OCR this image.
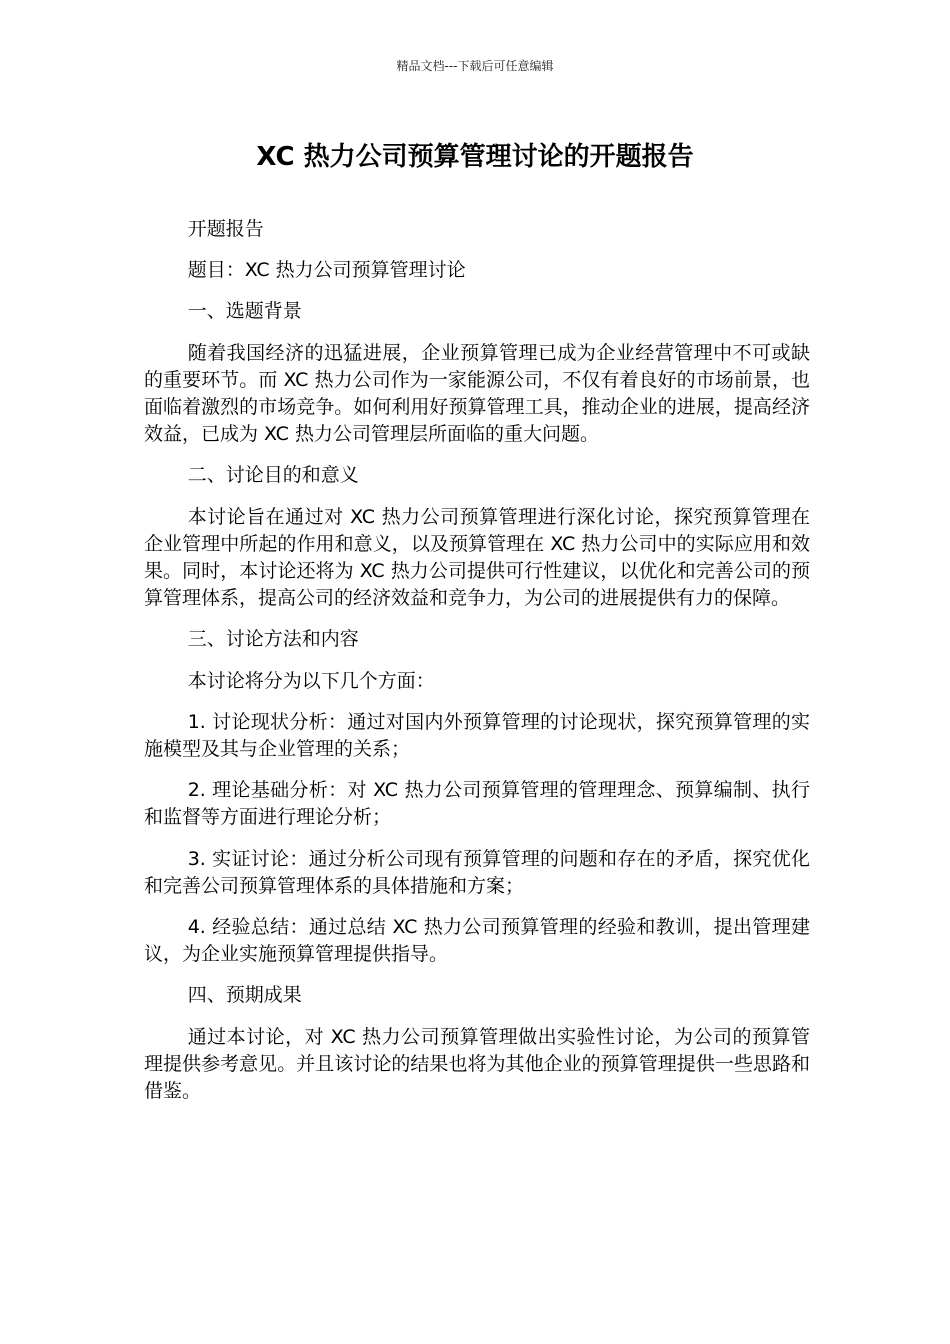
精品文档---下载后可任意编辑
XC 热力公司预算管理讨论的开题报告

开题报告

题目：XC 热力公司预算管理讨论

一、选题背景

随着我国经济的迅猛进展，企业预算管理已成为企业经营管理中不可或缺的重要环节。而 XC 热力公司作为一家能源公司，不仅有着良好的市场前景，也面临着激烈的市场竞争。如何利用好预算管理工具，推动企业的进展，提高经济效益，已成为 XC 热力公司管理层所面临的重大问题。

二、讨论目的和意义

本讨论旨在通过对 XC 热力公司预算管理进行深化讨论，探究预算管理在企业管理中所起的作用和意义，以及预算管理在 XC 热力公司中的实际应用和效果。同时，本讨论还将为 XC 热力公司提供可行性建议，以优化和完善公司的预算管理体系，提高公司的经济效益和竞争力，为公司的进展提供有力的保障。

三、讨论方法和内容

本讨论将分为以下几个方面：

1. 讨论现状分析：通过对国内外预算管理的讨论现状，探究预算管理的实施模型及其与企业管理的关系；

2. 理论基础分析：对 XC 热力公司预算管理的管理理念、预算编制、执行和监督等方面进行理论分析；

3. 实证讨论：通过分析公司现有预算管理的问题和存在的矛盾，探究优化和完善公司预算管理体系的具体措施和方案；

4. 经验总结：通过总结 XC 热力公司预算管理的经验和教训，提出管理建议，为企业实施预算管理提供指导。

四、预期成果

通过本讨论，对 XC 热力公司预算管理做出实验性讨论，为公司的预算管理提供参考意见。并且该讨论的结果也将为其他企业的预算管理提供一些思路和借鉴。
